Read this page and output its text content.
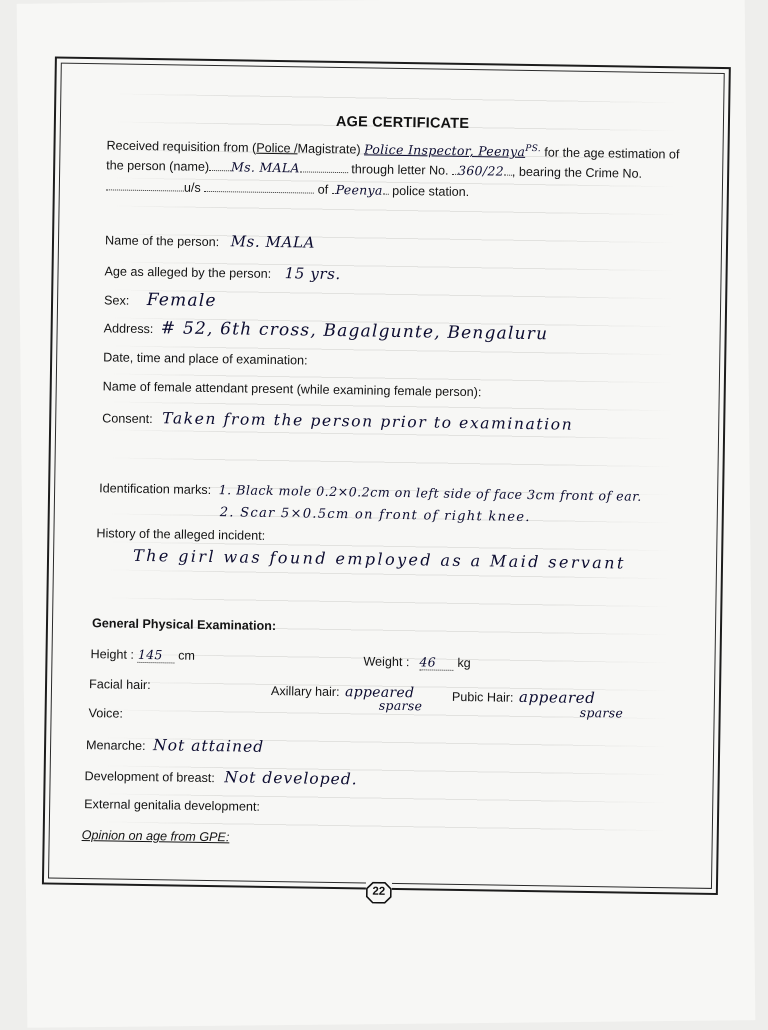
AGE CERTIFICATE
Received requisition from (Police /Magistrate) Police Inspector, Peenya$^{PS.}$ for the age estimation of
the person (name) Ms. MALA	through letter No. 360/22 , bearing the Crime No.
u/s	of Peenya police station.
Name of the person: Ms. MALA
Age as alleged by the person: 15 yrs.
Sex: Female
Address: # 52, 6th cross, Bagalgunte, Bengaluru
Date, time and place of examination:
Name of female attendant present (while examining female person):
Consent: Taken from the person prior to examination
Identification marks: 1. Black mole 0.2×0.2cm on left side of face 3cm front of ear.
2. Scar 5×0.5cm on front of right knee.
History of the alleged incident:
The girl was found employed as a Maid servant
General Physical Examination:
Height : 145 cm	Weight : 46 kg
Facial hair:	Axillary hair: appeared
sparse
Pubic Hair: appeared
sparse
Voice:
Menarche: Not attained
Development of breast: Not developed.
External genitalia development:
Opinion on age from GPE:
22
